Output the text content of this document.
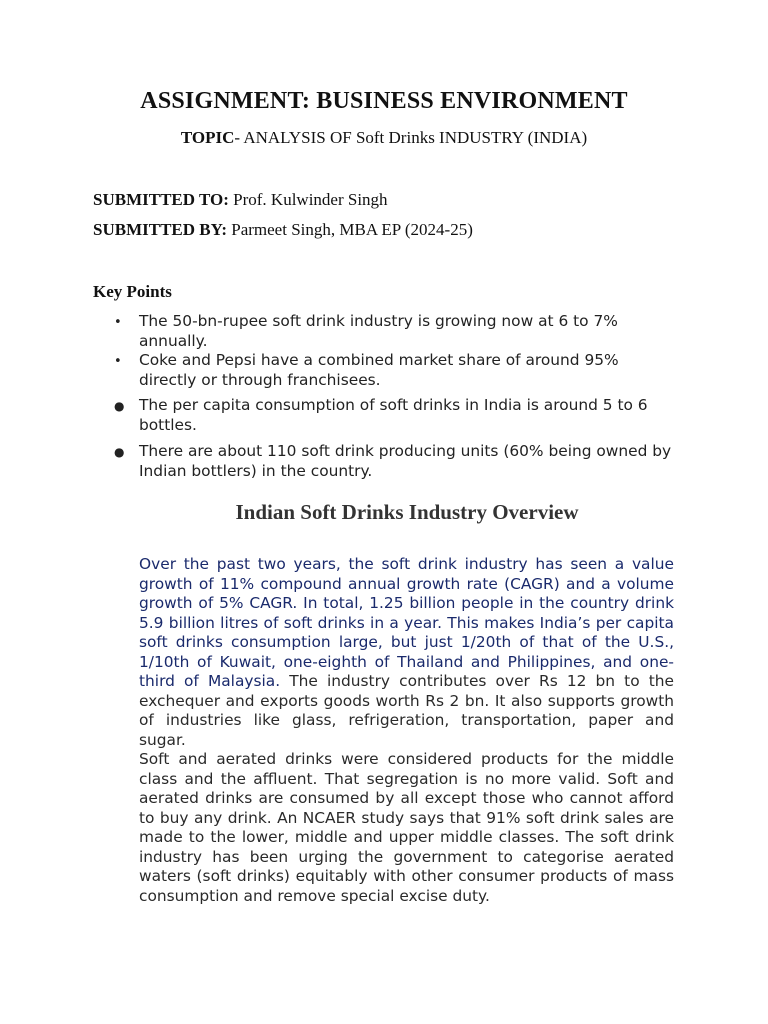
ASSIGNMENT: BUSINESS ENVIRONMENT
TOPIC- ANALYSIS OF Soft Drinks INDUSTRY (INDIA)
SUBMITTED TO: Prof. Kulwinder Singh
SUBMITTED BY: Parmeet Singh, MBA EP (2024-25)
Key Points
•
The 50-bn-rupee soft drink industry is growing now at 6 to 7% annually.
•
Coke and Pepsi have a combined market share of around 95% directly or through franchisees.
●
The per capita consumption of soft drinks in India is around 5 to 6 bottles.
●
There are about 110 soft drink producing units (60% being owned by Indian bottlers) in the country.
Indian Soft Drinks Industry Overview

Over the past two years, the soft drink industry has seen a value growth of 11% compound annual growth rate (CAGR) and a volume growth of 5% CAGR. In total, 1.25 billion people in the country drink 5.9 billion litres of soft drinks in a year. This makes India’s per capita soft drinks consumption large, but just 1/20th of that of the U.S., 1/10th of Kuwait, one-eighth of Thailand and Philippines, and one-third of Malaysia. The industry contributes over Rs 12 bn to the exchequer and exports goods worth Rs 2 bn. It also supports growth of industries like glass, refrigeration, transportation, paper and sugar.

Soft and aerated drinks were considered products for the middle class and the affluent. That segregation is no more valid. Soft and aerated drinks are consumed by all except those who cannot afford to buy any drink. An NCAER study says that 91% soft drink sales are made to the lower, middle and upper middle classes. The soft drink industry has been urging the government to categorise aerated waters (soft drinks) equitably with other consumer products of mass consumption and remove special excise duty.
